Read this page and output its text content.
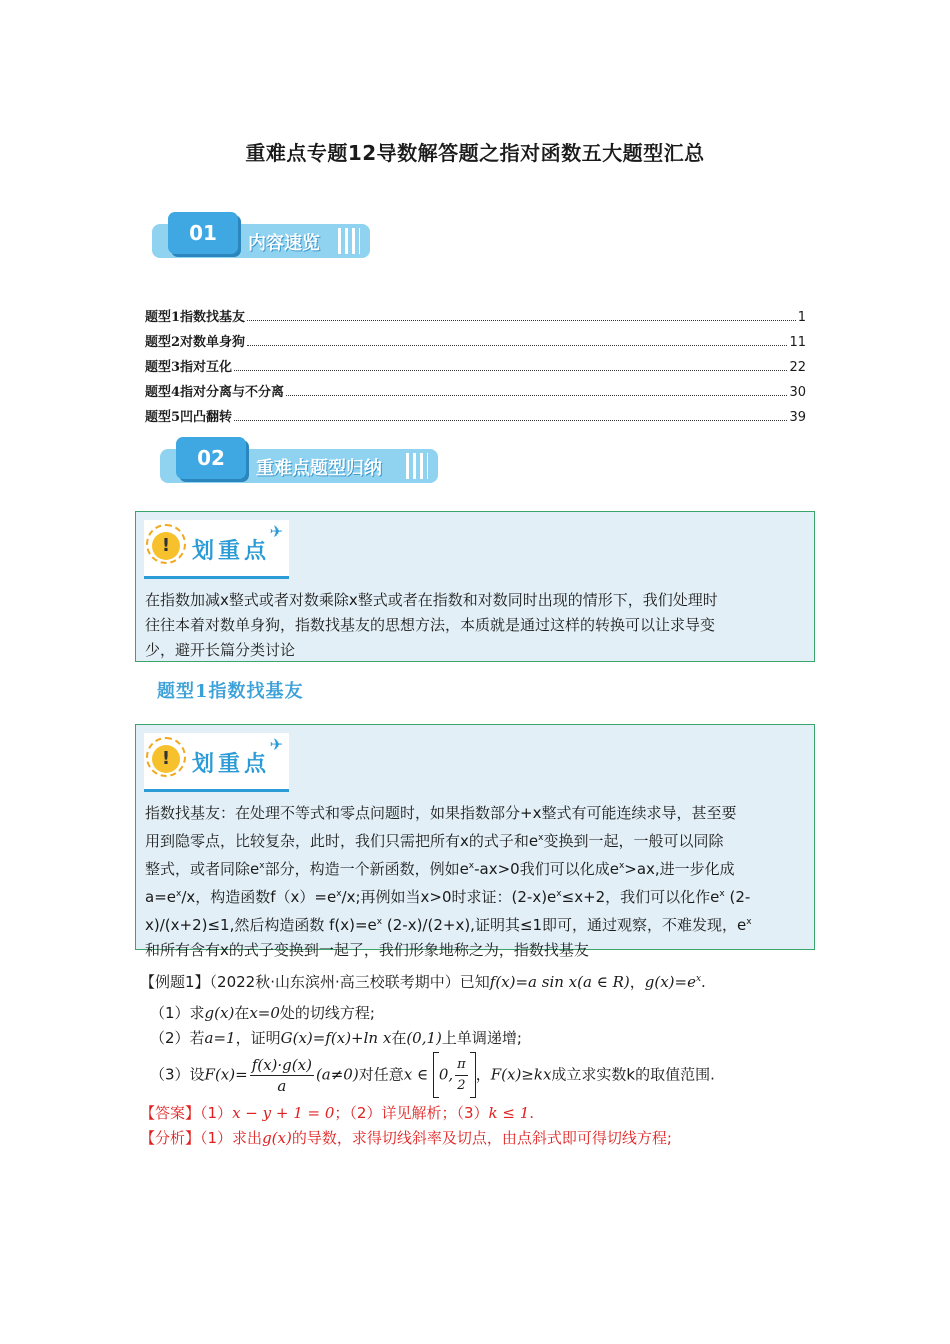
重难点专题12导数解答题之指对函数五大题型汇总
01	内容速览
题型1指数找基友	1
题型2对数单身狗	11
题型3指对互化	22
题型4指对分离与不分离	30
题型5凹凸翻转	39
02	重难点题型归纳
! 划重点
✈
在指数加减x整式或者对数乘除x整式或者在指数和对数同时出现的情形下，我们处理时
往往本着对数单身狗，指数找基友的思想方法，本质就是通过这样的转换可以让求导变
少，避开长篇分类讨论
题型1指数找基友
! 划重点
✈
指数找基友：在处理不等式和零点问题时，如果指数部分+x整式有可能连续求导，甚至要
用到隐零点，比较复杂，此时，我们只需把所有x的式子和$e^x$变换到一起，一般可以同除
整式，或者同除$e^x$部分，构造一个新函数，例如$e^x-ax>0$我们可以化成$e^x>ax$,进一步化成
$a=e^x/x$，构造函数$f(x)=e^x/x$;再例如当x>0时求证：$(2-x)e^x\le x+2$，我们可以化作$e^x$ (2-
x)/(x+2)≤1,然后构造函数 $f(x)=e^x$ (2-x)/(2+x),证明其≤1即可，通过观察，不难发现，$e^x$
和所有含有x的式子变换到一起了，我们形象地称之为，指数找基友
【例题1】（2022秋·山东滨州·高三校联考期中）已知f(x)=a sin x(a ∈ R)，$g(x)=e^x$.
（1）求g(x)在x=0处的切线方程;
（2）若a=1，证明G(x)=f(x)+ln x在(0,1)上单调递增;
（3）设$F(x)= \frac{f(x)\cdot g(x)}{a} (a\ne 0)$对任意x ∈ 0, $\frac{\pi}{2}$ ，F(x)≥kx成立求实数k的取值范围.
【答案】（1）x − y + 1 = 0；（2）详见解析；（3）k ≤ 1.
【分析】（1）求出g(x)的导数，求得切线斜率及切点，由点斜式即可得切线方程;
